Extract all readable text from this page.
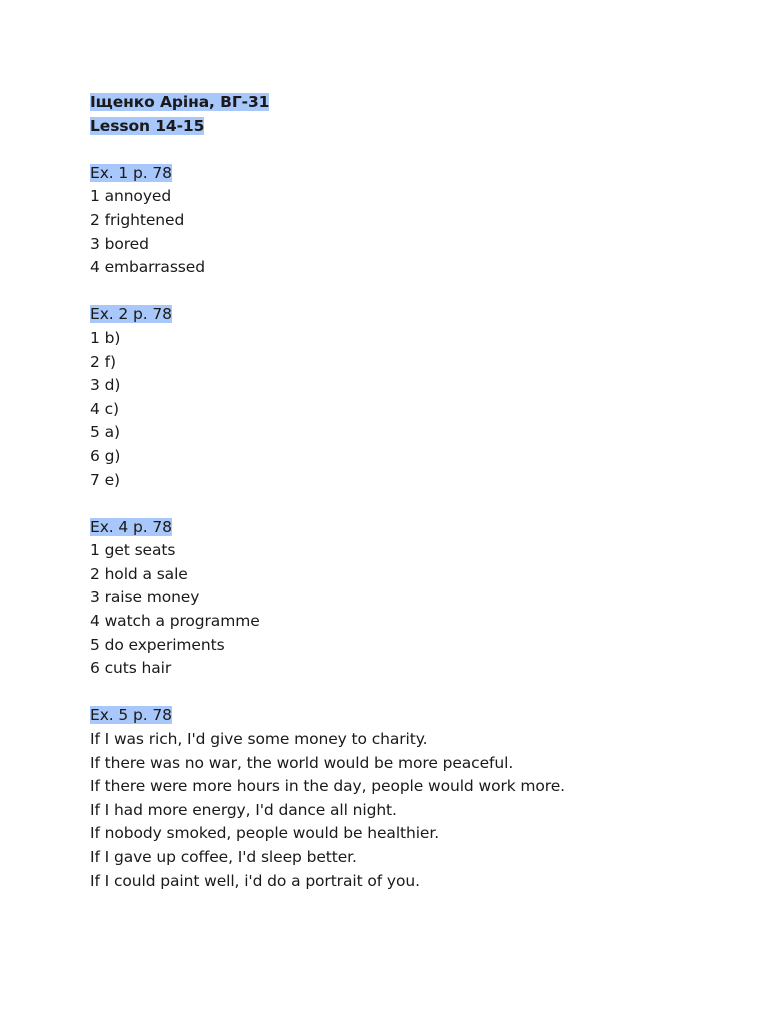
Іщенко Аріна, ВГ-31
Lesson 14-15
Ex. 1 p. 78
1 annoyed
2 frightened
3 bored
4 embarrassed
Ex. 2 p. 78
1 b)
2 f)
3 d)
4 c)
5 a)
6 g)
7 e)
Ex. 4 p. 78
1 get seats
2 hold a sale
3 raise money
4 watch a programme
5 do experiments
6 cuts hair
Ex. 5 p. 78
If I was rich, I'd give some money to charity.
If there was no war, the world would be more peaceful.
If there were more hours in the day, people would work more.
If I had more energy, I'd dance all night.
If nobody smoked, people would be healthier.
If I gave up coffee, I'd sleep better.
If I could paint well, i'd do a portrait of you.
